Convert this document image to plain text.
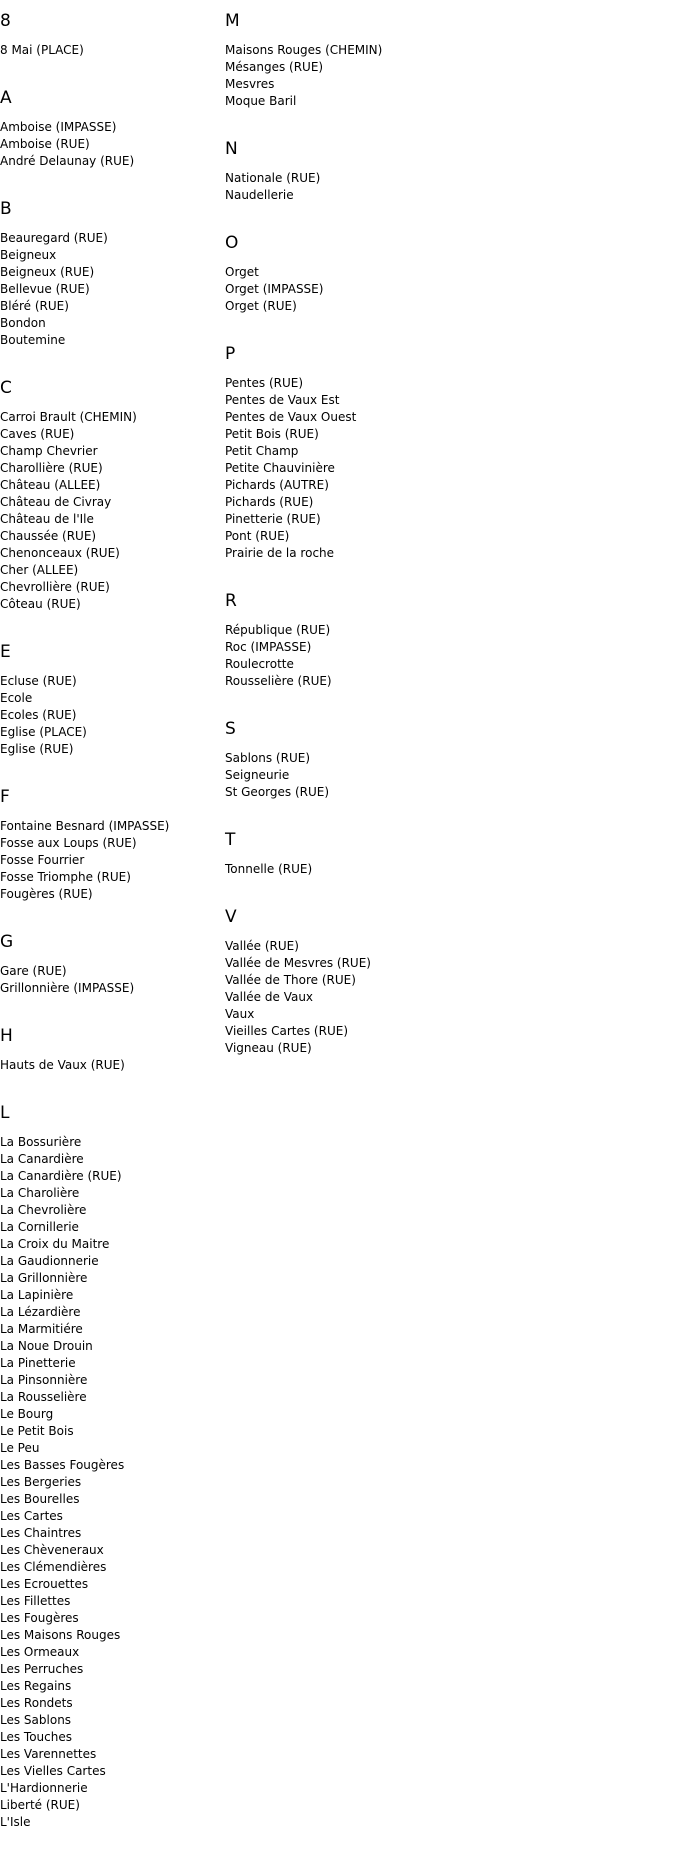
8
8 Mai (PLACE)
A
Amboise (IMPASSE)
Amboise (RUE)
André Delaunay (RUE)
B
Beauregard (RUE)
Beigneux
Beigneux (RUE)
Bellevue (RUE)
Bléré (RUE)
Bondon
Boutemine
C
Carroi Brault (CHEMIN)
Caves (RUE)
Champ Chevrier
Charollière (RUE)
Château (ALLEE)
Château de Civray
Château de l'Ile
Chaussée (RUE)
Chenonceaux (RUE)
Cher (ALLEE)
Chevrollière (RUE)
Côteau (RUE)
E
Ecluse (RUE)
Ecole
Ecoles (RUE)
Eglise (PLACE)
Eglise (RUE)
F
Fontaine Besnard (IMPASSE)
Fosse aux Loups (RUE)
Fosse Fourrier
Fosse Triomphe (RUE)
Fougères (RUE)
G
Gare (RUE)
Grillonnière (IMPASSE)
H
Hauts de Vaux (RUE)
L
La Bossurière
La Canardière
La Canardière (RUE)
La Charolière
La Chevrolière
La Cornillerie
La Croix du Maitre
La Gaudionnerie
La Grillonnière
La Lapinière
La Lézardière
La Marmitiére
La Noue Drouin
La Pinetterie
La Pinsonnière
La Rousselière
Le Bourg
Le Petit Bois
Le Peu
Les Basses Fougères
Les Bergeries
Les Bourelles
Les Cartes
Les Chaintres
Les Chèveneraux
Les Clémendières
Les Ecrouettes
Les Fillettes
Les Fougères
Les Maisons Rouges
Les Ormeaux
Les Perruches
Les Regains
Les Rondets
Les Sablons
Les Touches
Les Varennettes
Les Vielles Cartes
L'Hardionnerie
Liberté (RUE)
L'Isle
M
Maisons Rouges (CHEMIN)
Mésanges (RUE)
Mesvres
Moque Baril
N
Nationale (RUE)
Naudellerie
O
Orget
Orget (IMPASSE)
Orget (RUE)
P
Pentes (RUE)
Pentes de Vaux Est
Pentes de Vaux Ouest
Petit Bois (RUE)
Petit Champ
Petite Chauvinière
Pichards (AUTRE)
Pichards (RUE)
Pinetterie (RUE)
Pont (RUE)
Prairie de la roche
R
République (RUE)
Roc (IMPASSE)
Roulecrotte
Rousselière (RUE)
S
Sablons (RUE)
Seigneurie
St Georges (RUE)
T
Tonnelle (RUE)
V
Vallée (RUE)
Vallée de Mesvres (RUE)
Vallée de Thore (RUE)
Vallée de Vaux
Vaux
Vieilles Cartes (RUE)
Vigneau (RUE)
